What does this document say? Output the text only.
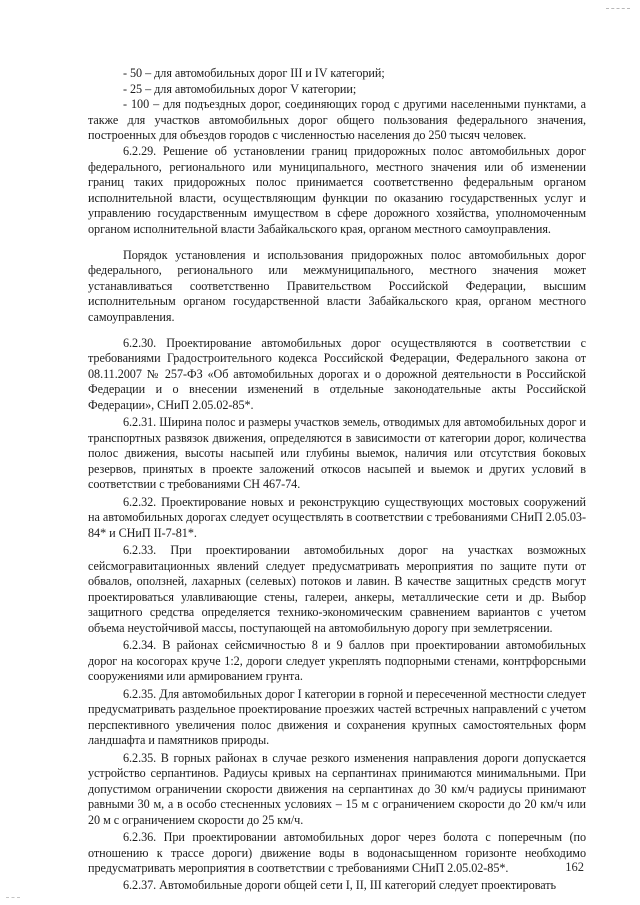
- 50 – для автомобильных дорог III и IV категорий;

- 25 – для автомобильных дорог V категории;

- 100 – для подъездных дорог, соединяющих город с другими населенными пунктами, а также для участков автомобильных дорог общего пользования федерального значения, построенных для объездов городов с численностью населения до 250 тысяч человек.

6.2.29. Решение об установлении границ придорожных полос автомобильных дорог федерального, регионального или муниципального, местного значения или об изменении границ таких придорожных полос принимается соответственно федеральным органом исполнительной власти, осуществляющим функции по оказанию государственных услуг и управлению государственным имуществом в сфере дорожного хозяйства, уполномоченным органом исполнительной власти Забайкальского края, органом местного самоуправления.

Порядок установления и использования придорожных полос автомобильных дорог федерального, регионального или межмуниципального, местного значения может устанавливаться соответственно Правительством Российской Федерации, высшим исполнительным органом государственной власти Забайкальского края, органом местного самоуправления.

6.2.30. Проектирование автомобильных дорог осуществляются в соответствии с требованиями Градостроительного кодекса Российской Федерации, Федерального закона от 08.11.2007 № 257-ФЗ «Об автомобильных дорогах и о дорожной деятельности в Российской Федерации и о внесении изменений в отдельные законодательные акты Российской Федерации», СНиП 2.05.02-85*.

6.2.31. Ширина полос и размеры участков земель, отводимых для автомобильных дорог и транспортных развязок движения, определяются в зависимости от категории дорог, количества полос движения, высоты насыпей или глубины выемок, наличия или отсутствия боковых резервов, принятых в проекте заложений откосов насыпей и выемок и других условий в соответствии с требованиями СН 467-74.

6.2.32. Проектирование новых и реконструкцию существующих мостовых сооружений на автомобильных дорогах следует осуществлять в соответствии с требованиями СНиП 2.05.03-84* и СНиП II-7-81*.

6.2.33. При проектировании автомобильных дорог на участках возможных сейсмогравитационных явлений следует предусматривать мероприятия по защите пути от обвалов, оползней, лахарных (селевых) потоков и лавин. В качестве защитных средств могут проектироваться улавливающие стены, галереи, анкеры, металлические сети и др. Выбор защитного средства определяется технико-экономическим сравнением вариантов с учетом объема неустойчивой массы, поступающей на автомобильную дорогу при землетрясении.

6.2.34. В районах сейсмичностью 8 и 9 баллов при проектировании автомобильных дорог на косогорах круче 1:2, дороги следует укреплять подпорными стенами, контрфорсными сооружениями или армированием грунта.

6.2.35. Для автомобильных дорог I категории в горной и пересеченной местности следует предусматривать раздельное проектирование проезжих частей встречных направлений с учетом перспективного увеличения полос движения и сохранения крупных самостоятельных форм ландшафта и памятников природы.

6.2.35. В горных районах в случае резкого изменения направления дороги допускается устройство серпантинов. Радиусы кривых на серпантинах принимаются минимальными. При допустимом ограничении скорости движения на серпантинах до 30 км/ч радиусы принимают равными 30 м, а в особо стесненных условиях – 15 м с ограничением скорости до 20 км/ч или 20 м с ограничением скорости до 25 км/ч.

6.2.36. При проектировании автомобильных дорог через болота с поперечным (по отношению к трассе дороги) движение воды в водонасыщенном горизонте необходимо предусматривать мероприятия в соответствии с требованиями СНиП 2.05.02-85*.

6.2.37. Автомобильные дороги общей сети I, II, III категорий следует проектировать

162
